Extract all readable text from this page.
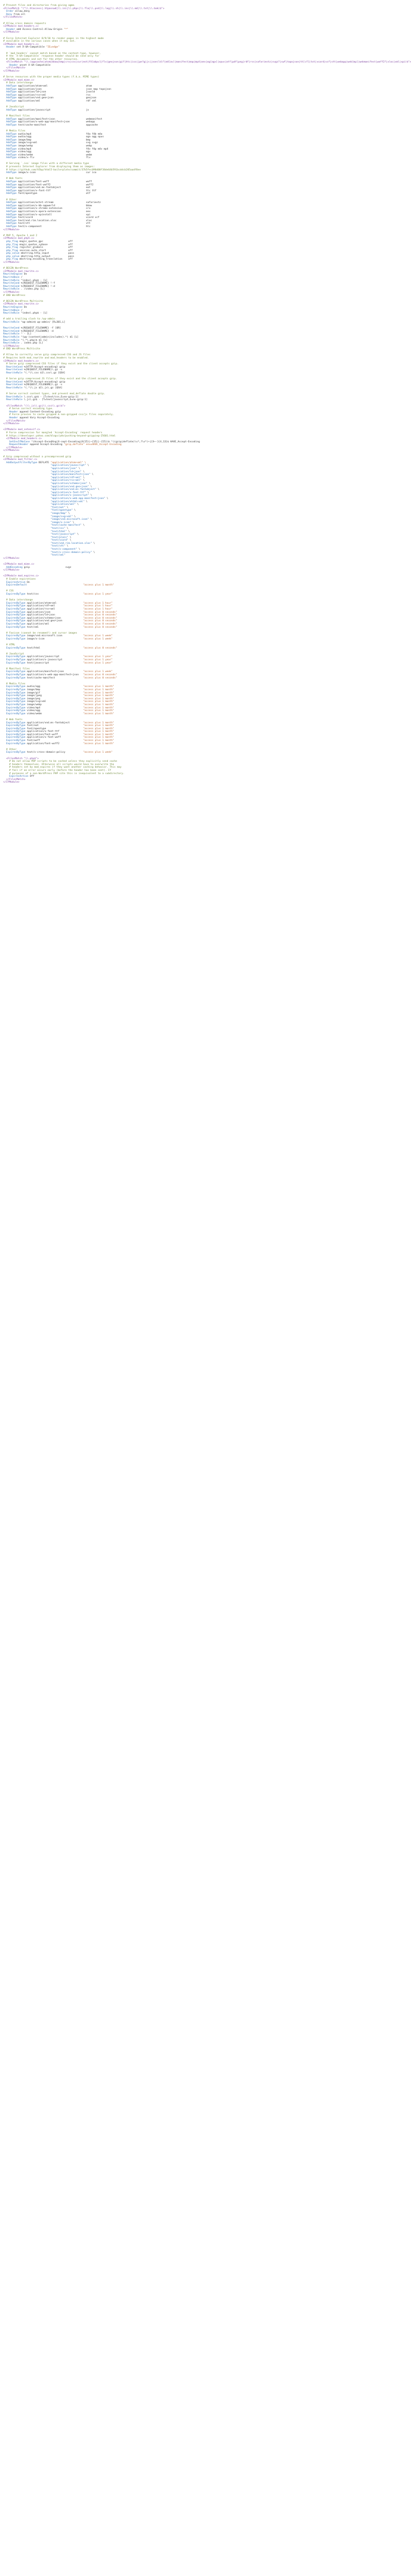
# Prevent files and directories from giving agma
<FilesMatch "(^\\.htaccess|.htpasswd|\\.ini|\\.phps|\\.fla|\\.psd|\\.log|\\.sh|\\.inc|\\.md|\\.txt|\\.bak)$">
Order allow,deny
Deny from all
</FilesMatch>

# Allow cross domain requests
<IfModule mod_headers.c>
Header add Access-Control-Allow-Origin "*"
</IfModule>

# Force Internet Explorer 8/9/10 to render pages in the highest mode
# available in the various cases when it may not.
<IfModule mod_headers.c>
Header set X-UA-Compatible "IE=edge"

# `mod_headers` cannot match based on the content-type, however,
# the `X-UA-Compatible` response header should be send only for
# HTML documents and not for the other resources.
<FilesMatch "\\.(appcache|atom|bbaw|bmp|crx|css|cur|eot|f4[abpv]|flv|geojson|gif|htc|ico|jpe?g|js|json(ld)?|m4[av]|manifest|map|mp4|oex|og[agv]|opus|otf|pdf|png|rdf|rss|safariextz|svgz?|swf|topojson|tt[cf]|txt|vcard|vcf|vtt|webapp|web[mp]|webmanifest|woff2?|xloc|xml|xpi)$">
Header unset X-UA-Compatible
</FilesMatch>
</IfModule>

# Serve resources with the proper media types (f.k.a. MIME types)
<IfModule mod_mime.c>
# Data interchange
AddType application/atom+xml                          atom
AddType application/json                              json map topojson
AddType application/ld+json                           jsonld
AddType application/rss+xml                           rss
AddType application/vnd.geo+json                      geojson
AddType application/xml                               rdf xml

# JavaScript
AddType application/javascript                        js

# Manifest files
AddType application/manifest+json                     webmanifest
AddType application/x-web-app-manifest+json           webapp
AddType text/cache-manifest                           appcache

# Media files
AddType audio/mp4                                     f4a f4b m4a
AddType audio/ogg                                     oga ogg opus
AddType image/bmp                                     bmp
AddType image/svg+xml                                 svg svgz
AddType image/webp                                    webp
AddType video/mp4                                     f4v f4p m4v mp4
AddType video/ogg                                     ogv
AddType video/webm                                    webm
AddType video/x-flv                                   flv

# Serving `.ico` image files with a different media type
# prevents Internet Explorer from displaying them as images:
# https://github.com/h5bp/html5-boilerplate/commit/37b5fec090d00f38de64b591bcddcb205aadf8ee
AddType image/x-icon                                  cur ico

# Web fonts
AddType application/font-woff                         woff
AddType application/font-woff2                        woff2
AddType application/vnd.ms-fontobject                 eot
AddType application/x-font-ttf                        ttc ttf
AddType font/opentype                                 otf

# Other
AddType application/octet-stream                      safariextz
AddType application/x-bb-appworld                     bbaw
AddType application/x-chrome-extension                crx
AddType application/x-opera-extension                 oex
AddType application/x-xpinstall                       xpi
AddType text/vcard                                    vcard vcf
AddType text/vnd.rim.location.xloc                    xloc
AddType text/vtt                                      vtt
AddType text/x-component                              htc
</IfModule>

# PHP 5, Apache 1 and 2
<IfModule mod_php5.c>
php_flag magic_quotes_gpc                 off
php_flag magic_quotes_sybase              off
php_flag register_globals                 off
php_flag session.auto_start               off
php_value mbstring.http_input             pass
php_value mbstring.http_output            pass
php_flag mbstring.encoding_translation    off
</IfModule>

# BEGIN WordPress
<IfModule mod_rewrite.c>
RewriteEngine On
RewriteBase /
RewriteRule ^index\.php$ - [L]
RewriteCond %{REQUEST_FILENAME} !-f
RewriteCond %{REQUEST_FILENAME} !-d
RewriteRule . /index.php [L]
</IfModule>
# END WordPress

# BEGIN WordPress Multisite
<IfModule mod_rewrite.c>
RewriteEngine On
RewriteBase /
RewriteRule ^index\.php$ - [L]

# add a trailing slash to /wp-admin
RewriteRule ^wp-admin$ wp-admin/ [R=301,L]

RewriteCond %{REQUEST_FILENAME} -f [OR]
RewriteCond %{REQUEST_FILENAME} -d
RewriteRule ^ - [L]
RewriteRule ^(wp-(content|admin|includes).*) $1 [L]
RewriteRule ^(.*\.php)$ $1 [L]
RewriteRule . index.php [L]
</IfModule>
# END WordPress Multisite

# Allow to correctly serve gzip compressed CSS and JS files
# Requires both mod_rewrite and mod_headers to be enabled.
<IfModule mod_headers.c>
# Serve gzip compressed CSS files if they exist and the client accepts gzip.
RewriteCond %{HTTP:Accept-encoding} gzip
RewriteCond %{REQUEST_FILENAME}\.gz -s
RewriteRule ^(.*)\.css $1\.css\.gz [QSA]

# Serve gzip compressed JS files if they exist and the client accepts gzip.
RewriteCond %{HTTP:Accept-encoding} gzip
RewriteCond %{REQUEST_FILENAME}\.gz -s
RewriteRule ^(.*)\.js $1\.js\.gz [QSA]

# Serve correct content types, and prevent mod_deflate double gzip.
RewriteRule \.css\.gz$ - [T=text/css,E=no-gzip:1]
RewriteRule \.js\.gz$ - [T=text/javascript,E=no-gzip:1]

<FilesMatch "(\\.js\\.gz|\\.css\\.gz)$">
# Serve correct encoding type.
Header append Content-Encoding gzip
# Force proxies to cache gzipped & non-gzipped css/js files separately.
Header append Vary Accept-Encoding
</FilesMatch>
</IfModule>

<IfModule mod_setenvif.c>
# Force compression for mangled `Accept-Encoding` request headers
# https://developer.yahoo.com/blogs/ydn/pushing-beyond-gzipping-25601.html
<IfModule mod_headers.c>
SetEnvIfNoCase ^(Accept-EncodXng|X-cept-Encoding|X{15}|~{15}|-{15})$ ^((gzip|deflate)\s*,?\s*)+|[X~-]{4,13}$ HAVE_Accept-Encoding
RequestHeader append Accept-Encoding "gzip,deflate" env=HAVE_Accept-Encoding
</IfModule>
</IfModule>

# Gzip compressed without a precompressed gzip
<IfModule mod_filter.c>
AddOutputFilterByType DEFLATE "application/atom+xml" \
"application/javascript" \
"application/json" \
"application/ld+json" \
"application/manifest+json" \
"application/rdf+xml" \
"application/rss+xml" \
"application/schema+json" \
"application/vnd.geo+json" \
"application/vnd.ms-fontobject" \
"application/x-font-ttf" \
"application/x-javascript" \
"application/x-web-app-manifest+json" \
"application/xhtml+xml" \
"application/xml" \
"font/eot" \
"font/opentype" \
"image/bmp" \
"image/svg+xml" \
"image/vnd.microsoft.icon" \
"image/x-icon" \
"text/cache-manifest" \
"text/css" \
"text/html" \
"text/javascript" \
"text/plain" \
"text/vcard" \
"text/vnd.rim.location.xloc" \
"text/vtt" \
"text/x-component" \
"text/x-cross-domain-policy" \
"text/xml"
</IfModule>

<IfModule mod_mime.c>
AddEncoding gzip                        svgz
</IfModule>

<IfModule mod_expires.c>
# Enable expirations
ExpiresActive On
ExpiresDefault	"access plus 1 month"

# CSS
ExpiresByType text/css                              "access plus 1 year"

# Data interchange
ExpiresByType application/atom+xml                  "access plus 1 hour"
ExpiresByType application/rdf+xml                   "access plus 1 hour"
ExpiresByType application/rss+xml                   "access plus 1 hour"
ExpiresByType application/json                      "access plus 0 seconds"
ExpiresByType application/ld+json                   "access plus 0 seconds"
ExpiresByType application/schema+json               "access plus 0 seconds"
ExpiresByType application/vnd.geo+json              "access plus 0 seconds"
ExpiresByType application/xml                       "access plus 0 seconds"
ExpiresByType text/xml                              "access plus 0 seconds"

# Favicon (cannot be renamed!) and cursor images
ExpiresByType image/vnd.microsoft.icon              "access plus 1 week"
ExpiresByType image/x-icon                          "access plus 1 week"

# HTML
ExpiresByType text/html                             "access plus 0 seconds"

# JavaScript
ExpiresByType application/javascript                "access plus 1 year"
ExpiresByType application/x-javascript              "access plus 1 year"
ExpiresByType text/javascript                       "access plus 1 year"

# Manifest files
ExpiresByType application/manifest+json             "access plus 1 week"
ExpiresByType application/x-web-app-manifest+json   "access plus 0 seconds"
ExpiresByType text/cache-manifest                   "access plus 0 seconds"

# Media files
ExpiresByType audio/ogg                             "access plus 1 month"
ExpiresByType image/bmp                             "access plus 1 month"
ExpiresByType image/gif                             "access plus 1 month"
ExpiresByType image/jpeg                            "access plus 1 month"
ExpiresByType image/png                             "access plus 1 month"
ExpiresByType image/svg+xml                         "access plus 1 month"
ExpiresByType image/webp                            "access plus 1 month"
ExpiresByType video/mp4                             "access plus 1 month"
ExpiresByType video/ogg                             "access plus 1 month"
ExpiresByType video/webm                            "access plus 1 month"

# Web fonts
ExpiresByType application/vnd.ms-fontobject         "access plus 1 month"
ExpiresByType font/eot                              "access plus 1 month"
ExpiresByType font/opentype                         "access plus 1 month"
ExpiresByType application/x-font-ttf                "access plus 1 month"
ExpiresByType application/font-woff                 "access plus 1 month"
ExpiresByType application/x-font-woff               "access plus 1 month"
ExpiresByType font/woff                             "access plus 1 month"
ExpiresByType application/font-woff2                "access plus 1 month"

# Other
ExpiresByType text/x-cross-domain-policy            "access plus 1 week"

<FilesMatch "\\.php$">
# Do not allow PHP scripts to be cached unless they explicitly send cache
# headers themselves. Otherwise all scripts would have to overwrite the
# headers set by mod_expires if they want another caching behavior. This may
# fail if an error occurs early (before the header has been sent). If
# purposes of a non-WordPress PHP site this is inequivalent to a subdirectory.
ExpiresActive Off
</FilesMatch>
</IfModule>
